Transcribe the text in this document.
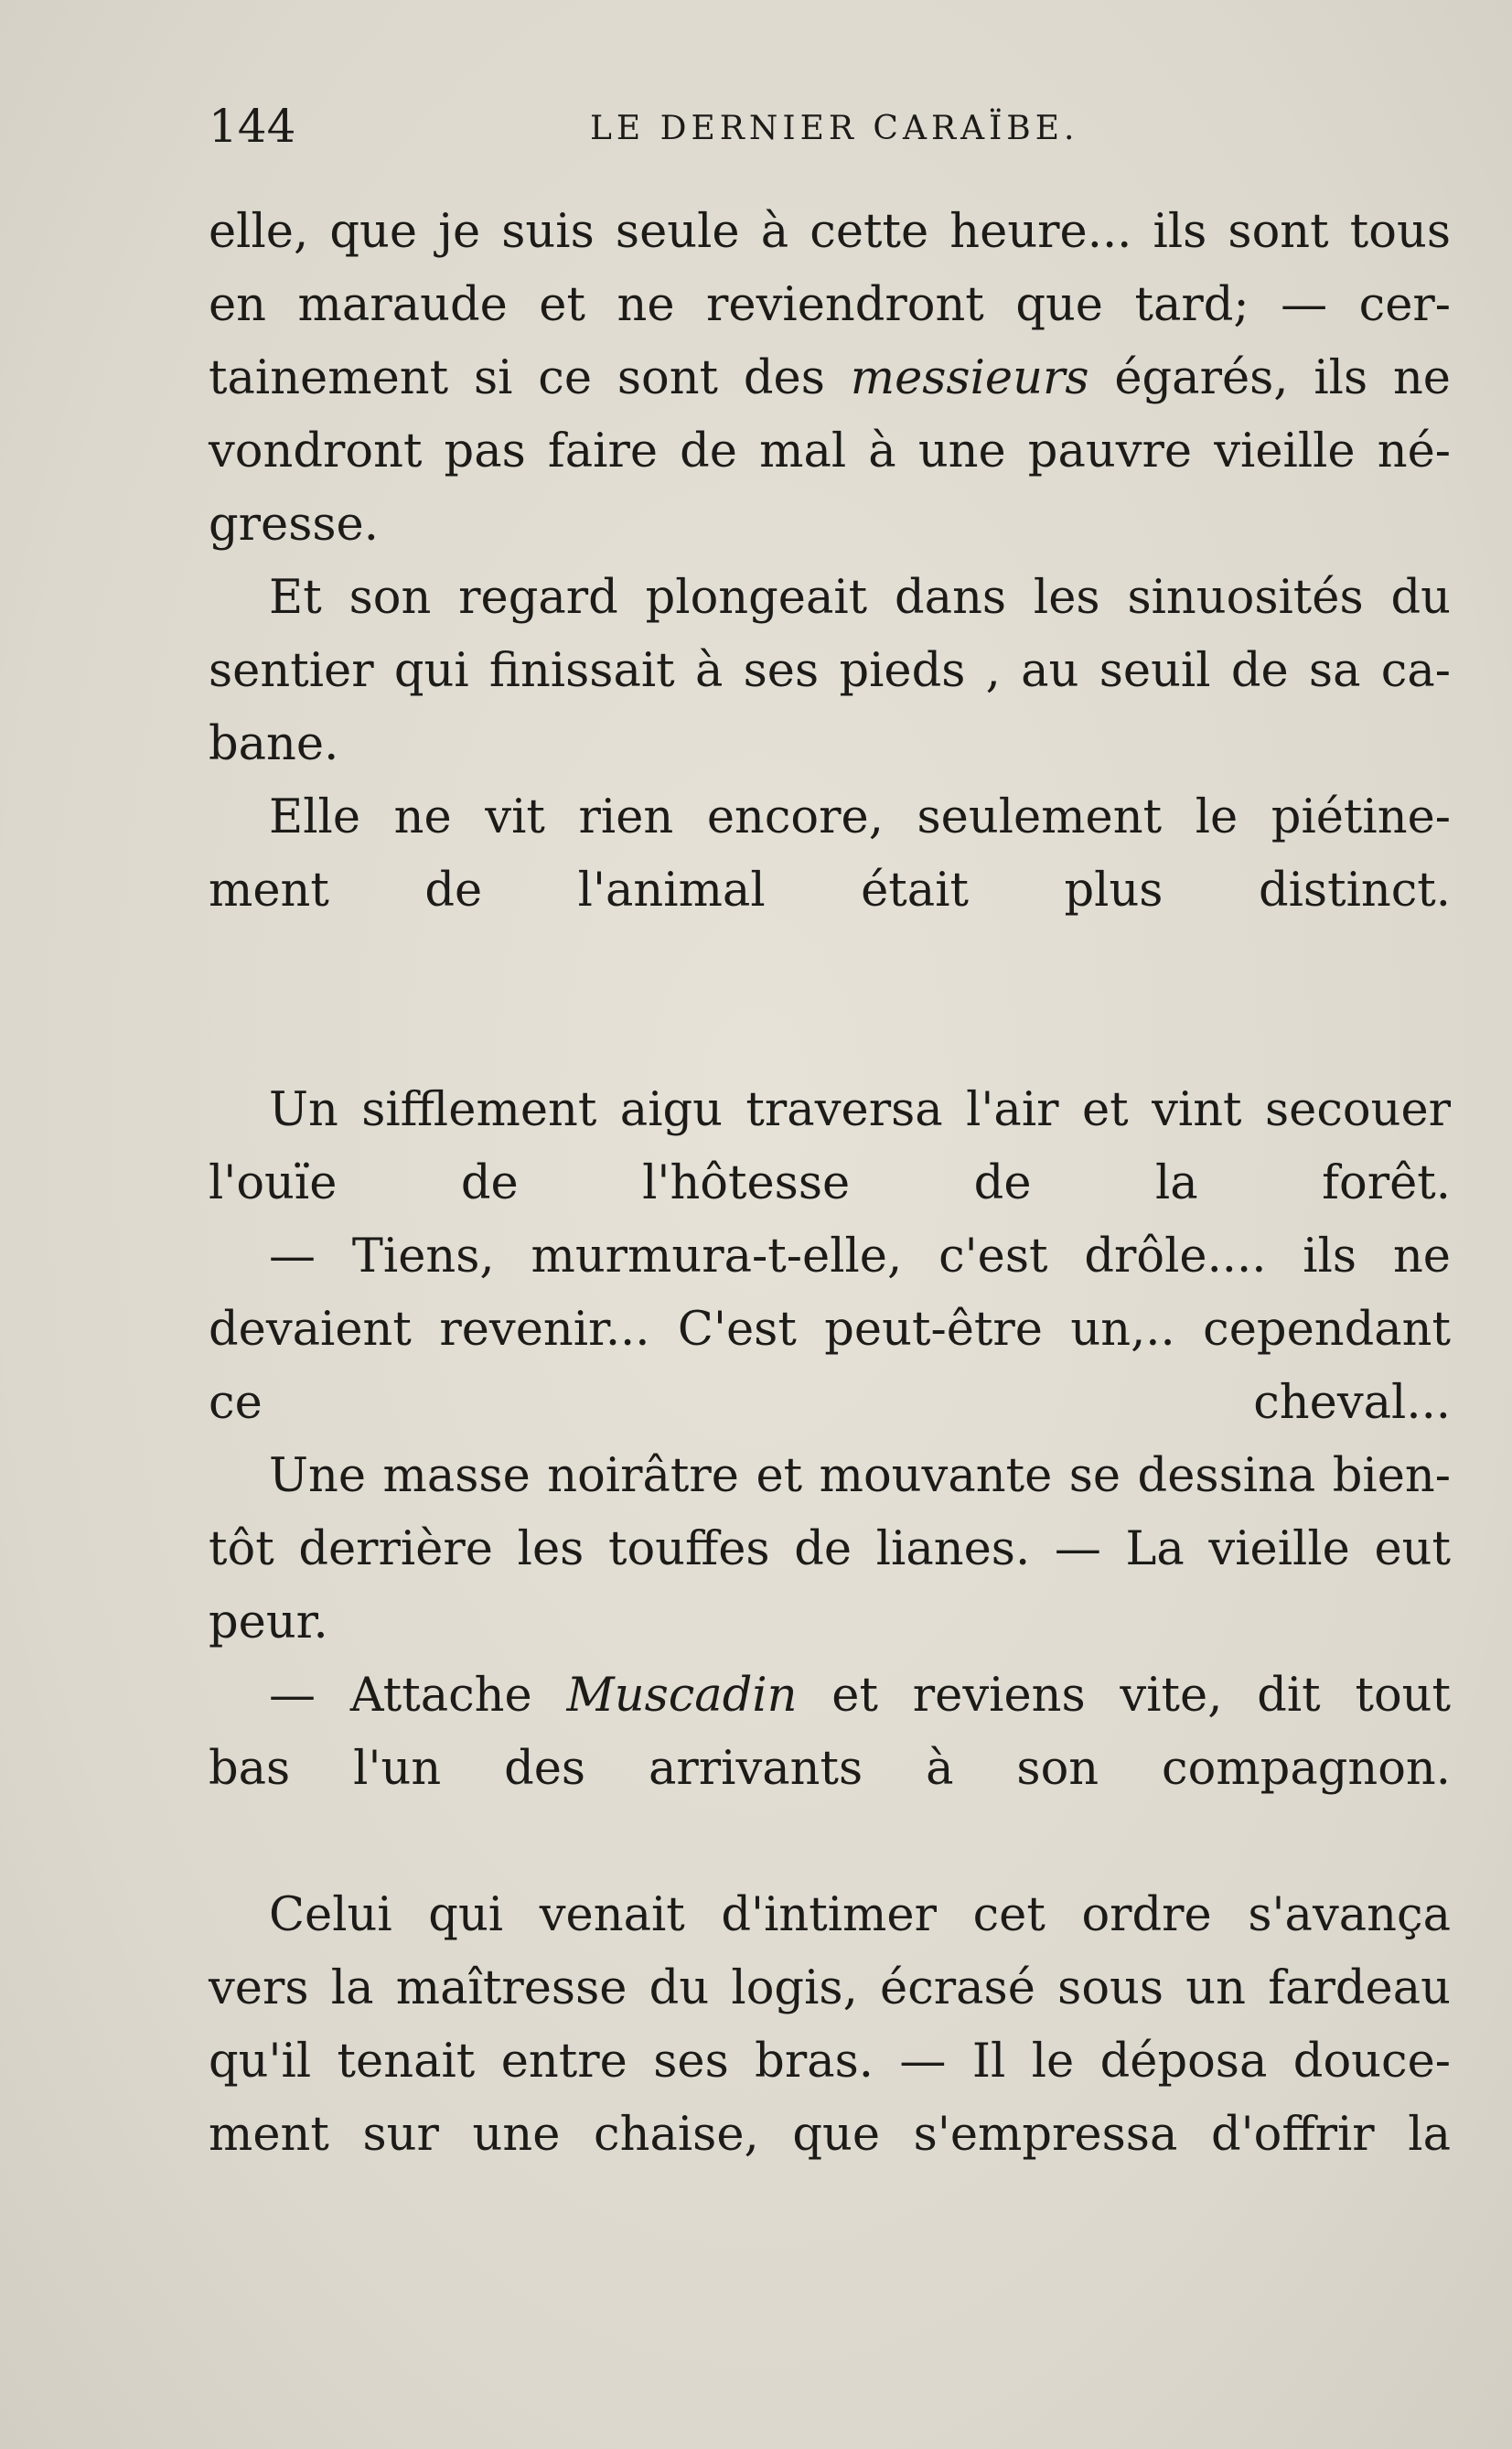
144	LE DERNIER CARAÏBE.
elle, que je suis seule à cette heure... ils sont tous
en maraude et ne reviendront que tard; — cer-
tainement si ce sont des messieurs égarés, ils ne
vondront pas faire de mal à une pauvre vieille né-
gresse.
Et son regard plongeait dans les sinuosités du
sentier qui finissait à ses pieds , au seuil de sa ca-
bane.
Elle ne vit rien encore, seulement le piétine-
ment de l'animal était plus distinct.
Un sifflement aigu traversa l'air et vint secouer
l'ouïe de l'hôtesse de la forêt.
— Tiens, murmura-t-elle, c'est drôle.... ils ne
devaient revenir... C'est peut-être un,.. cependant
ce cheval...
Une masse noirâtre et mouvante se dessina bien-
tôt derrière les touffes de lianes. — La vieille eut
peur.
— Attache Muscadin et reviens vite, dit tout
bas l'un des arrivants à son compagnon.
Celui qui venait d'intimer cet ordre s'avança
vers la maîtresse du logis, écrasé sous un fardeau
qu'il tenait entre ses bras. — Il le déposa douce-
ment sur une chaise, que s'empressa d'offrir la
